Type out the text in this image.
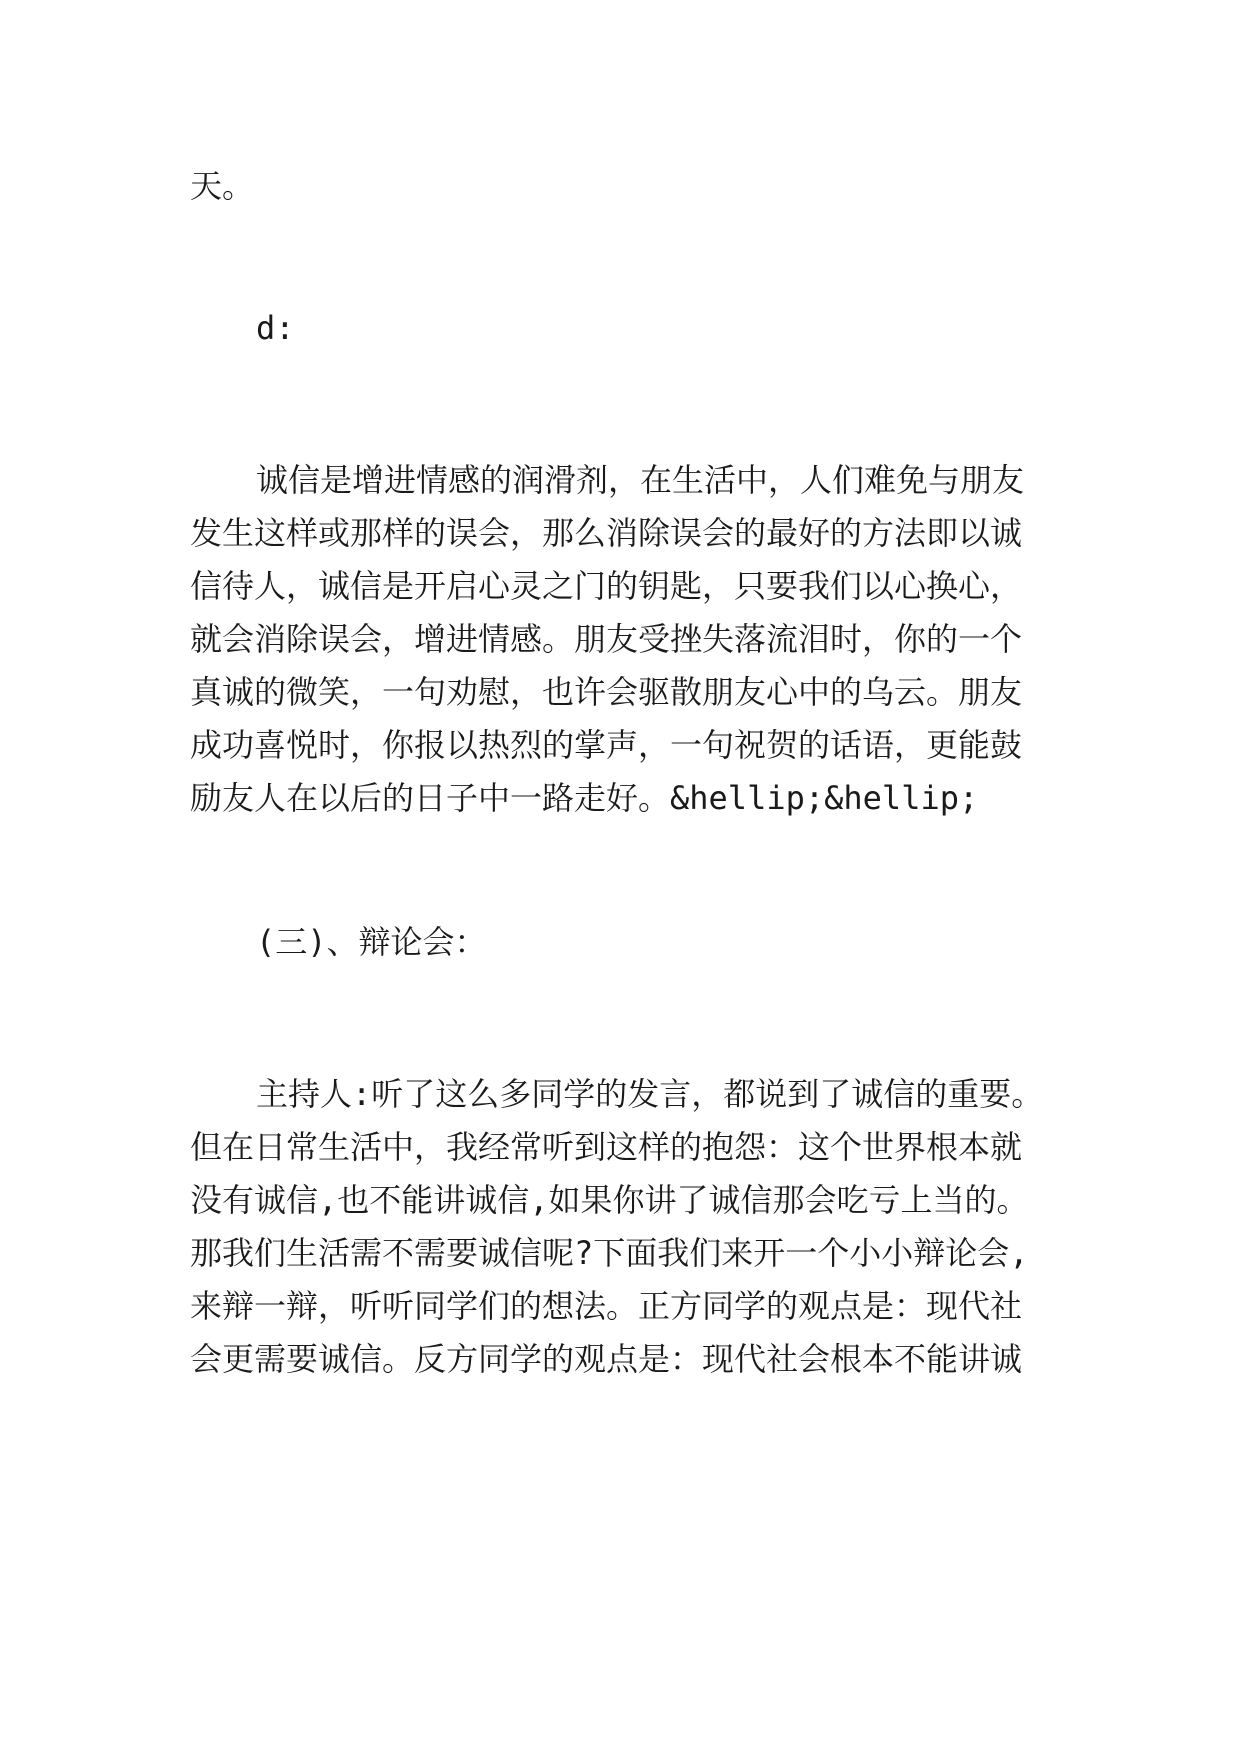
天。

d:

诚信是增进情感的润滑剂，在生活中，人们难免与朋友

发生这样或那样的误会，那么消除误会的最好的方法即以诚

信待人，诚信是开启心灵之门的钥匙，只要我们以心换心，

就会消除误会，增进情感。朋友受挫失落流泪时，你的一个

真诚的微笑，一句劝慰，也许会驱散朋友心中的乌云。朋友

成功喜悦时，你报以热烈的掌声，一句祝贺的话语，更能鼓

励友人在以后的日子中一路走好。&hellip;&hellip;

(三)、辩论会：

主持人:听了这么多同学的发言，都说到了诚信的重要。

但在日常生活中，我经常听到这样的抱怨：这个世界根本就

没有诚信,也不能讲诚信,如果你讲了诚信那会吃亏上当的。

那我们生活需不需要诚信呢?下面我们来开一个小小辩论会,

来辩一辩，听听同学们的想法。正方同学的观点是：现代社

会更需要诚信。反方同学的观点是：现代社会根本不能讲诚
